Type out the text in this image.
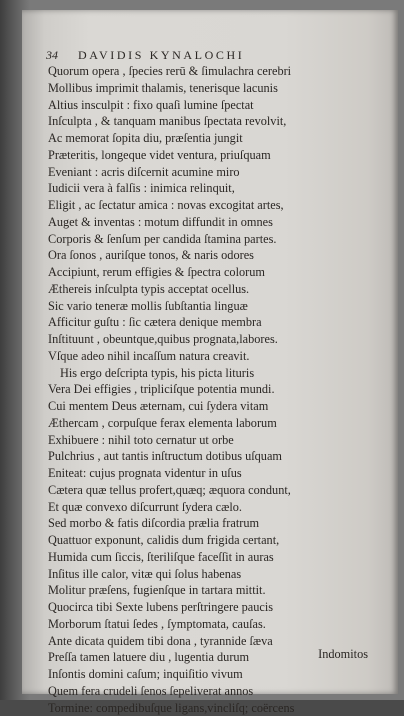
34 DAVIDIS KYNALOCHI
Quorum opera , ſpecies rerū & ſimulachra cerebri
Mollibus imprimit thalamis, tenerisque lacunis
Altius insculpit : fixo quaſi lumine ſpectat
Inſculpta , & tanquam manibus ſpectata revolvit,
Ac memorat ſopita diu, præſentia jungit
Præteritis, longeque videt ventura, priuſquam
Eveniant : acris diſcernit acumine miro
Iudicii vera à falſis : inimica relinquit,
Eligit , ac ſectatur amica : novas excogitat artes,
Auget & inventas : motum diffundit in omnes
Corporis & ſenſum per candida ſtamina partes.
Ora ſonos , auriſque tonos, & naris odores
Accipiunt, rerum effigies & ſpectra colorum
Æthereis inſculpta typis acceptat ocellus.
Sic vario teneræ mollis ſubſtantia linguæ
Afficitur guſtu : ſic cætera denique membra
Inſtituunt , obeuntque,quibus prognata,labores.
Vſque adeo nihil incaſſum natura creavit.
His ergo deſcripta typis, his picta lituris
Vera Dei effigies , tripliciſque potentia mundi.
Cui mentem Deus æternam, cui ſydera vitam
Æthercam , corpuſque ferax elementa laborum
Exhibuere : nihil toto cernatur ut orbe
Pulchrius , aut tantis inſtructum dotibus uſquam
Eniteat: cujus prognata videntur in uſus
Cætera quæ tellus profert,quæq; æquora condunt,
Et quæ convexo diſcurrunt ſydera cælo.
Sed morbo & fatis diſcordia prælia fratrum
Quattuor exponunt, calidis dum frigida certant,
Humida cum ſiccis, ſteriliſque faceſſit in auras
Inſitus ille calor, vitæ qui ſolus habenas
Molitur præſens, fugienſque in tartara mittit.
Quocirca tibi Sexte lubens perſtringere paucis
Morborum ſtatui ſedes , ſymptomata, cauſas.
Ante dicata quidem tibi dona , tyrannide ſæva
Preſſa tamen latuere diu , lugentia durum
Inſontis domini caſum; inquiſitio vivum
Quem fera crudeli ſenos ſepeliverat annos
Tormine: compedibuſque ligans,vincliſq; coërcens
Indomitos
